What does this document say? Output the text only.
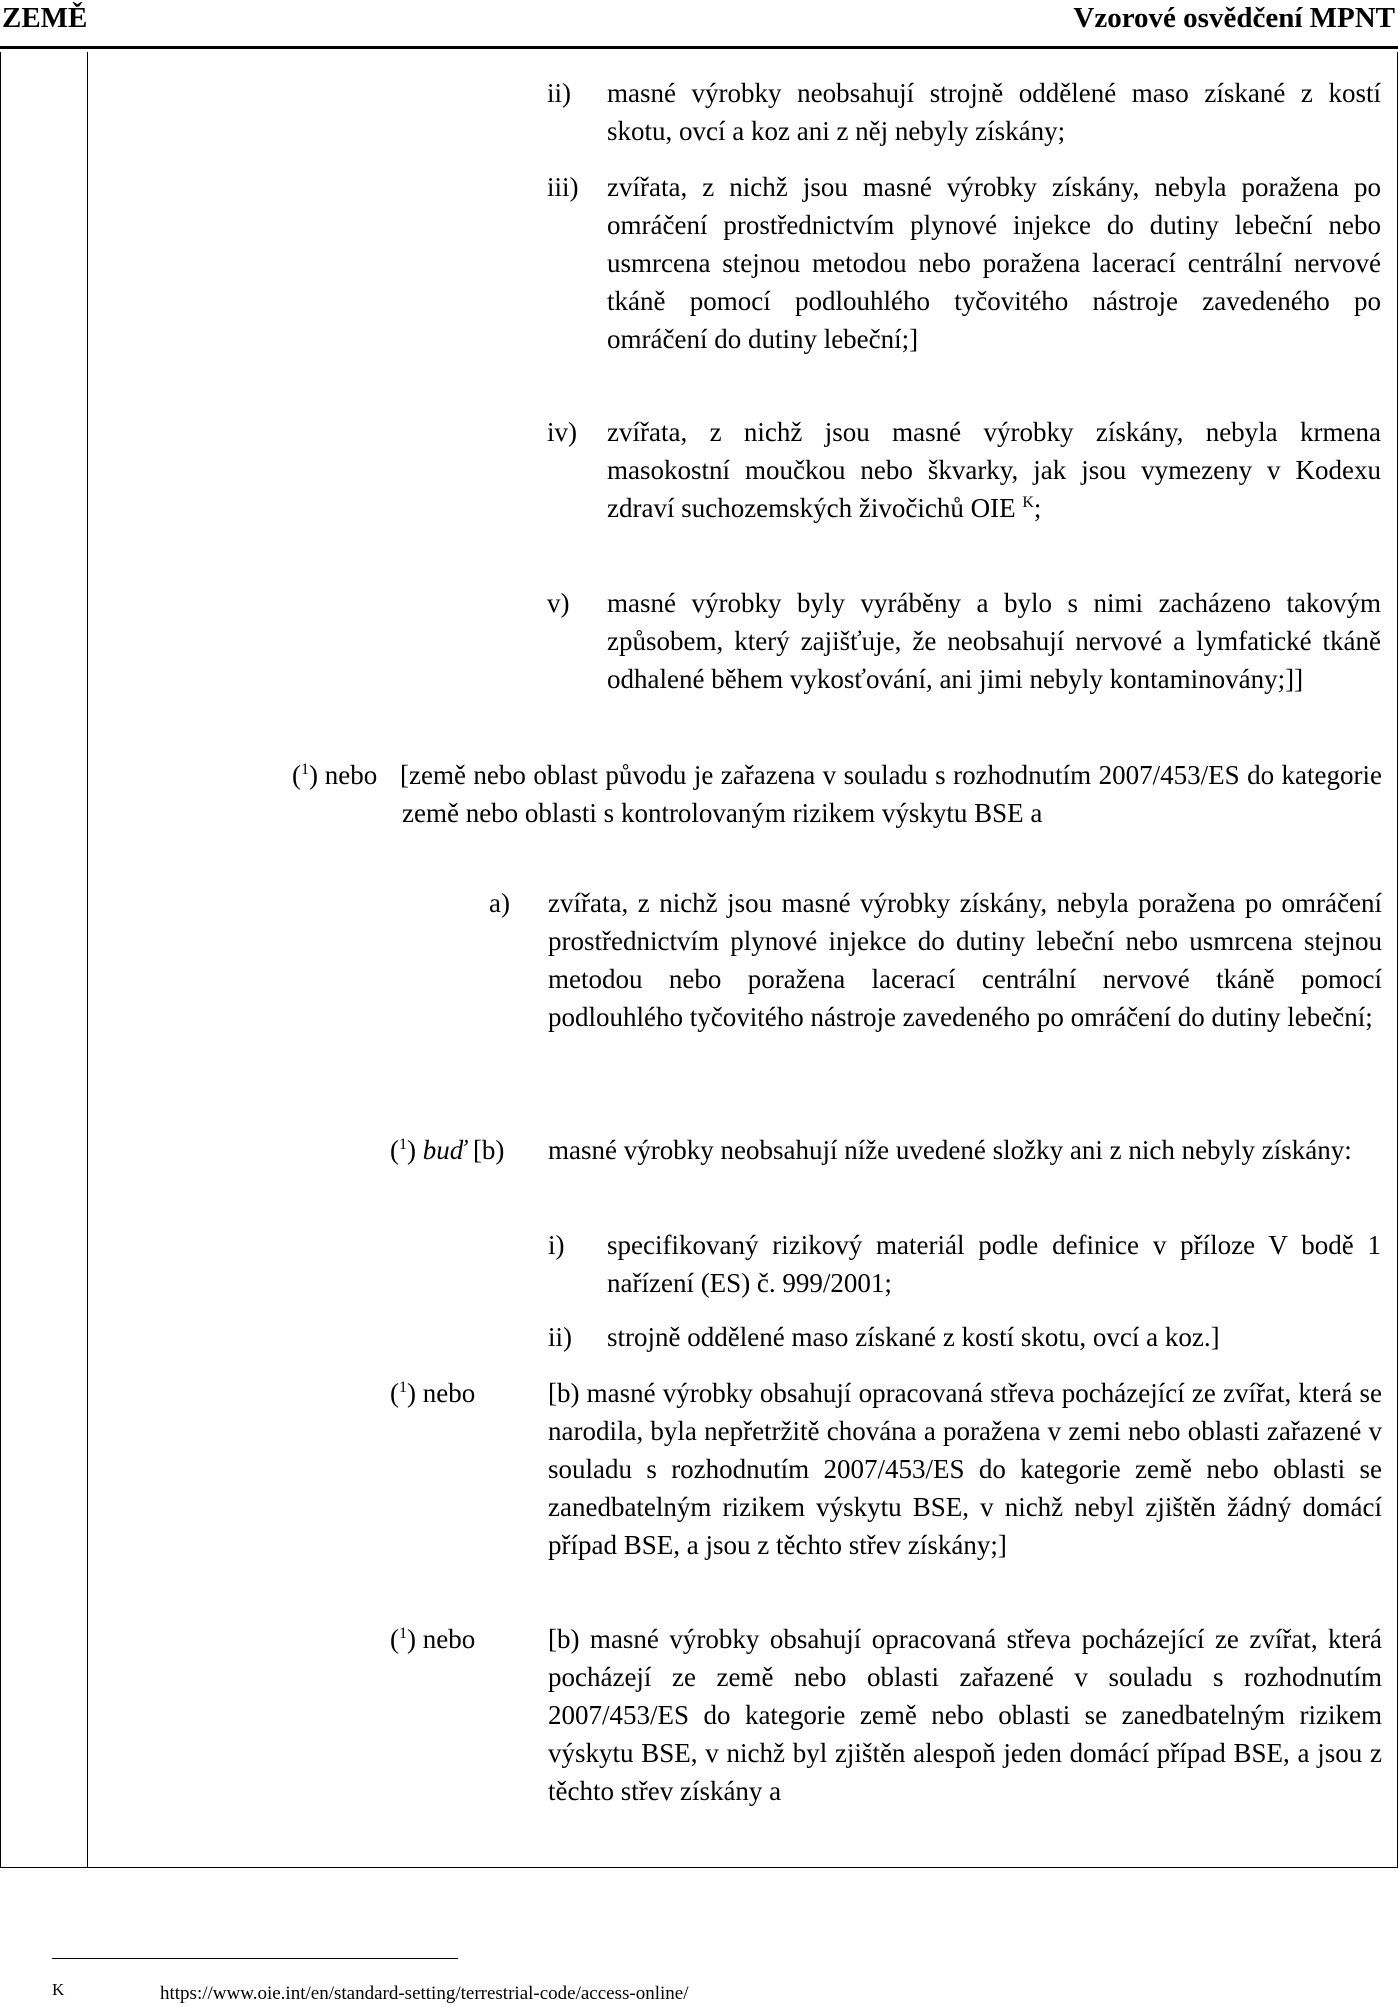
ZEMĚ	Vzorové osvědčení MPNT
ii) masné výrobky neobsahují strojně oddělené maso získané z kostí skotu, ovcí a koz ani z něj nebyly získány;
iii) zvířata, z nichž jsou masné výrobky získány, nebyla poražena po omráčení prostřednictvím plynové injekce do dutiny lebeční nebo usmrcena stejnou metodou nebo poražena lacerací centrální nervové tkáně pomocí podlouhlého tyčovitého nástroje zavedeného po omráčení do dutiny lebeční;]
iv) zvířata, z nichž jsou masné výrobky získány, nebyla krmena masokostní moučkou nebo škvarky, jak jsou vymezeny v Kodexu zdraví suchozemských živočichů OIE $^K$;
v) masné výrobky byly vyráběny a bylo s nimi zacházeno takovým způsobem, který zajišťuje, že neobsahují nervové a lymfatické tkáně odhalené během vykosťování, ani jimi nebyly kontaminovány;]]
($^1$) nebo [země nebo oblast původu je zařazena v souladu s rozhodnutím 2007/453/ES do kategorie země nebo oblasti s kontrolovaným rizikem výskytu BSE a
a) zvířata, z nichž jsou masné výrobky získány, nebyla poražena po omráčení prostřednictvím plynové injekce do dutiny lebeční nebo usmrcena stejnou metodou nebo poražena lacerací centrální nervové tkáně pomocí podlouhlého tyčovitého nástroje zavedeného po omráčení do dutiny lebeční;
($^1$) buď [b) masné výrobky neobsahují níže uvedené složky ani z nich nebyly získány:
i) specifikovaný rizikový materiál podle definice v příloze V bodě 1 nařízení (ES) č. 999/2001;
ii) strojně oddělené maso získané z kostí skotu, ovcí a koz.]
($^1$) nebo	[b) masné výrobky obsahují opracovaná střeva pocházející ze zvířat, která se narodila, byla nepřetržitě chována a poražena v zemi nebo oblasti zařazené v souladu s rozhodnutím 2007/453/ES do kategorie země nebo oblasti se zanedbatelným rizikem výskytu BSE, v nichž nebyl zjištěn žádný domácí případ BSE, a jsou z těchto střev získány;]
($^1$) nebo	[b) masné výrobky obsahují opracovaná střeva pocházející ze zvířat, která pocházejí ze země nebo oblasti zařazené v souladu s rozhodnutím 2007/453/ES do kategorie země nebo oblasti se zanedbatelným rizikem výskytu BSE, v nichž byl zjištěn alespoň jeden domácí případ BSE, a jsou z těchto střev získány a
K	https://www.oie.int/en/standard-setting/terrestrial-code/access-online/
